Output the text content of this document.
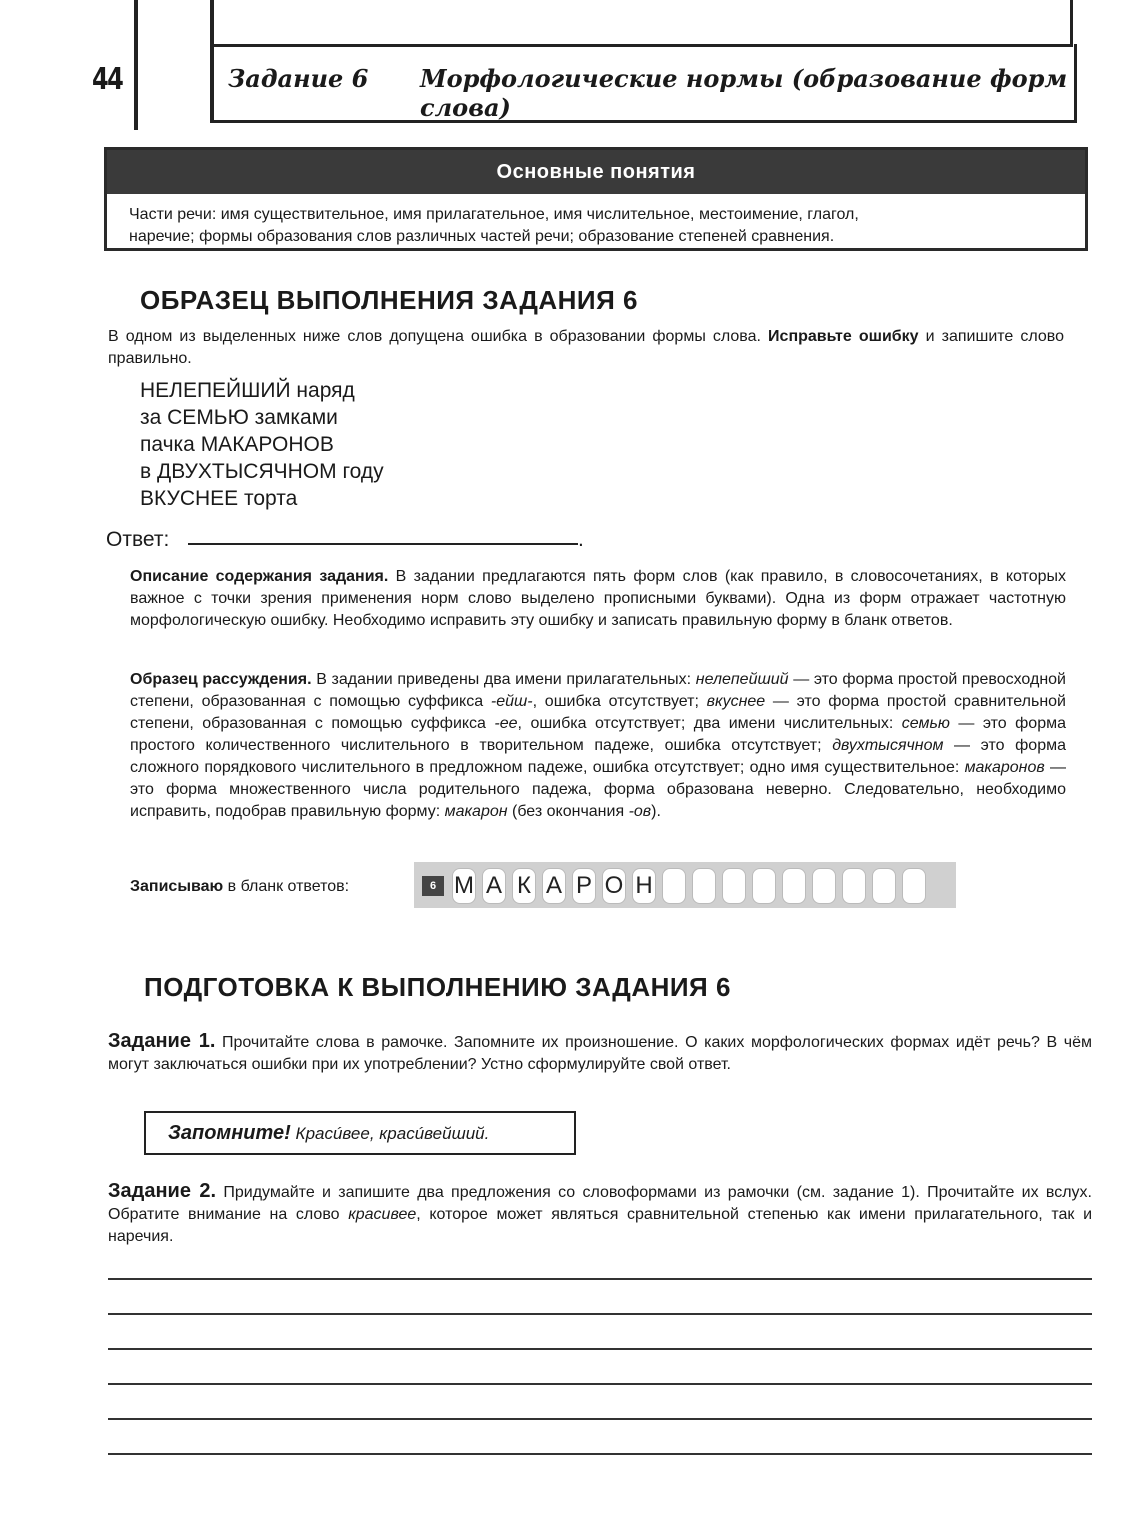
44	Задание 6 Морфологические нормы (образование форм слова)
Основные понятия
Части речи: имя существительное, имя прилагательное, имя числительное, местоимение, глагол,
наречие; формы образования слов различных частей речи; образование степеней сравнения.
ОБРАЗЕЦ ВЫПОЛНЕНИЯ ЗАДАНИЯ 6
В одном из выделенных ниже слов допущена ошибка в образовании формы слова. Исправьте ошибку и запишите слово правильно.
НЕЛЕПЕЙШИЙ наряд
за СЕМЬЮ замками
пачка МАКАРОНОВ
в ДВУХТЫСЯЧНОМ году
ВКУСНЕЕ торта
Ответ:	.
Описание содержания задания. В задании предлагаются пять форм слов (как правило, в словосочетаниях, в которых важное с точки зрения применения норм слово выделено прописными буквами). Одна из форм отражает частотную морфологическую ошибку. Необходимо исправить эту ошибку и записать правильную форму в бланк ответов.
Образец рассуждения. В задании приведены два имени прилагательных: нелепейший — это форма простой превосходной степени, образованная с помощью суффикса -ейш-, ошибка отсутствует; вкуснее — это форма простой сравнительной степени, образованная с помощью суффикса -ее, ошибка отсутствует; два имени числительных: семью — это форма простого количественного числительного в творительном падеже, ошибка отсутствует; двухтысячном — это форма сложного порядкового числительного в предложном падеже, ошибка отсутствует; одно имя существительное: макаронов — это форма множественного числа родительного падежа, форма образована неверно. Следовательно, необходимо исправить, подобрав правильную форму: макарон (без окончания -ов).
Записываю в бланк ответов:	6 М А К А Р О Н
ПОДГОТОВКА К ВЫПОЛНЕНИЮ ЗАДАНИЯ 6
Задание 1. Прочитайте слова в рамочке. Запомните их произношение. О каких морфологических формах идёт речь? В чём могут заключаться ошибки при их употреблении? Устно сформулируйте свой ответ.
Запомните! Красúвее, красúвейший.
Задание 2. Придумайте и запишите два предложения со словоформами из рамочки (см. задание 1). Прочитайте их вслух. Обратите внимание на слово красивее, которое может являться сравнительной степенью как имени прилагательного, так и наречия.
